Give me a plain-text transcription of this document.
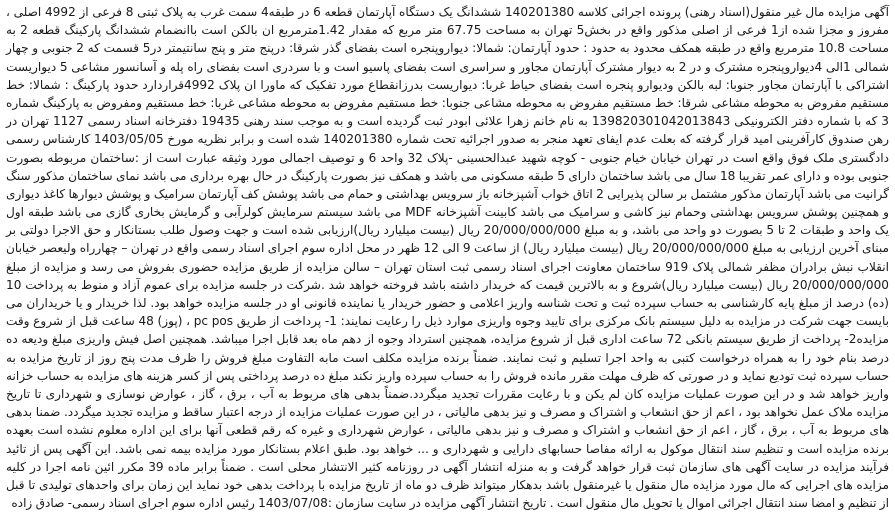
آگهی مزایده مال غیر منقول(اسناد رهنی) پرونده اجرائی کلاسه 140201380 ششدانگ یک دستگاه آپارتمان قطعه 6 در طبقه4 سمت غرب به پلاک ثبتی 8 فرعی از 4992 اصلی ، مفروز و مجزا شده از1 فرعی از اصلی مذکور واقع در بخش5 تهران به مساحت 67.75 متر مربع که مقدار 1.42مترمربع ان بالکن است باانضمام ششدانگ پارکینگ قطعه 2 به مساحت 10.8 مترمربع واقع در طبقه همکف محدود به حدود : حدود آپارتمان: شمالا: دیواروپنجره است بفضای گذر شرقا: درپنج متر و پنج سانتیمتر در5 قسمت که 2 جنوبی و چهار شمالی 1الی 4دیواروپنجره مشترک و در 2 به دیوار مشترک آپارتمان مجاور و سراسری است بفضای پاسیو است و با سردری است بفضای راه پله و آسانسور مشاعی 5 دیواریست اشتراکی با آپارتمان مجاور جنوبا: لبه بالکن ودیوارو پنجره است بفضای حیاط غربا: دیواریست بدرزانقطاع مورد تفکیک که ماورا ان پلاک 4992قراردارد حدود پارکینگ : شمالا: خط مستقیم مفروض به محوطه مشاعی شرقا: خط مستقیم مفروض به محوطه مشاعی جنوبا: خط مستقیم مفروض به محوطه مشاعی غربا: خط مستقیم ومفروض به پارکینگ شماره 3 که با شماره دفتر الکترونیکی 139820301042013843 به نام خانم زهرا علائی ابودر ثبت گردیده است و به موجب سند رهنی 19435 دفترخانه اسناد رسمی 1127 تهران در رهن صندوق کارآفرینی امید قرار گرفته که بعلت عدم ایفای تعهد منجر به صدور اجرائیه تحت شماره 140201380 شده است و برابر نظریه مورخ 1403/05/05 کارشناس رسمی دادگستری ملک فوق واقع است در تهران خیابان خیام جنوبی - کوچه شهید عبدالحسینی -پلاک 32 واحد 6 و توصیف اجمالی مورد وثیقه عبارت است از :ساختمان مربوطه بصورت جنوبی بوده و دارای عمر تقریبا 18 سال می باشد ساختمان دارای 5 طبقه مسکونی می باشد و همکف نیز بصورت پارکینگ در حال بهره برداری می باشد نمای ساختمان مذکور سنگ گرانیت می باشد آپارتمان مذکور مشتمل بر سالن پذیرایی 2 اتاق خواب آشپزخانه باز سرویس بهداشتی و حمام می باشد پوشش کف آپارتمان سرامیک و پوشش دیوارها کاغذ دیواری و همچنین پوشش سرویس بهداشتی وحمام نیز کاشی و سرامیک می باشد کابینت آشپزخانه MDF می باشد سیستم سرمایش کولرآبی و گرمایش بخاری گازی می باشد طبقه اول یک واحد و طبقات 2 تا 5 بصورت دو واحد می باشد، و به مبلغ 20/000/000/000 ریال (بیست میلیارد ریال)ارزیابی شده است و جهت وصول طلب بستانکار و حق الاجرا دولتی بر مبنای آخرین ارزیابی به مبلغ 20/000/000/000 ریال (بیست میلیارد ریال) از ساعت 9 الی 12 ظهر در محل اداره سوم اجرای اسناد رسمی واقع در تهران – چهارراه ولیعصر خیابان انقلاب نبش برادران مظفر شمالی پلاک 919 ساختمان معاونت اجرای اسناد رسمی ثبت استان تهران – سالن مزایده از طریق مزایده حضوری بفروش می رسد و مزایده از مبلغ 20/000/000/000 ریال (بیست میلیارد ریال)شروع و به بالاترین قیمت که خریدار داشته باشد فروخته خواهد شد .شرکت در جلسه مزایده برای عموم آزاد و منوط به پرداخت 10 (ده) درصد از مبلغ پایه کارشناسی به حساب سپرده ثبت و تحت شناسه واریز اعلامی و حضور خریدار یا نماینده قانونی او در جلسه مزایده خواهد بود. لذا خریدار و یا خریداران می بایست جهت شرکت در مزایده به دلیل سیستم بانک مرکزی برای تایید وجوه واریزی موارد ذیل را رعایت نمایند: 1- پرداخت از طریق pc pos ، (پوز) 48 ساعت قبل از شروع وقت مزایده2- پرداخت از طریق سیستم بانکی 72 ساعت اداری قبل از شروع مزایده، همچنین استرداد وجوه از دهم ماه بعد قابل اجرا میباشد. همچنین اصل فیش واریزی مبلغ ودیعه ده درصد بنام خود را به همراه درخواست کتبی به واحد اجرا تسلیم و ثبت نمایند. ضمناً برنده مزایده مکلف است مابه التفاوت مبلغ فروش را ظرف مدت پنج روز از تاریخ مزایده به حساب سپرده ثبت توديع نمايد و در صورتی که ظرف مهلت مقرر مانده فروش را به حساب سپرده واریز نکند مبلغ ده درصد پرداختی پس از کسر هزینه های مزایده به حساب خزانه واریز خواهد شد و در این صورت عملیات مزایده کان لم یکن و با رعایت مقررات تجدید میگردد.ضمناً بدهی های مربوط به آب ، برق ، گاز ، عوارض نوسازی و شهرداری تا تاریخ مزایده ملاک عمل نخواهد بود ، اعم از حق انشعاب و اشتراک و مصرف و نیز بدهی مالیاتی ، در این صورت عملیات مزایده از درجه اعتبار ساقط و مزایده تجدید میگردد. ضمنا بدهی های مربوط به آب ، برق ، گاز ، اعم از حق انشعاب و اشتراک و مصرف و نیز بدهی مالیاتی ، عوارض شهرداری و غیره که رقم قطعی آنها برای این اداره معلوم نشده است بعهده برنده مزایده است و تنظیم سند انتقال موکول به ارائه مفاصا حسابهای دارایی و شهرداری و ... خواهد بود. طبق اعلام بستانکار مورد مزایده بیمه نمی باشد. این آگهی پس از تائید فرآیند مزایده در سایت آگهی های سازمان ثبت قرار خواهد گرفت و به منزله انتشار آگهی در روزنامه کثیر الانتشار محلی است . ضمناً برابر ماده 39 مکرر ائین نامه اجرا در کلیه مزایده های اجرایی که مال مورد مزایده مال منقول یا غیرمنقول باشد بدهکار میتواند ظرف دو ماه از تاریخ مزایده با پرداخت بدهی خود نماید این زمان برای واحدهای تولیدی تا قبل از تنظیم و امضا سند انتقال اجرائی اموال یا تحویل مال منقول است . تاریخ انتشار آگهی مزایده در سایت سازمان :1403/07/08 رئیس اداره سوم اجرای اسناد رسمی- صادق زاده
